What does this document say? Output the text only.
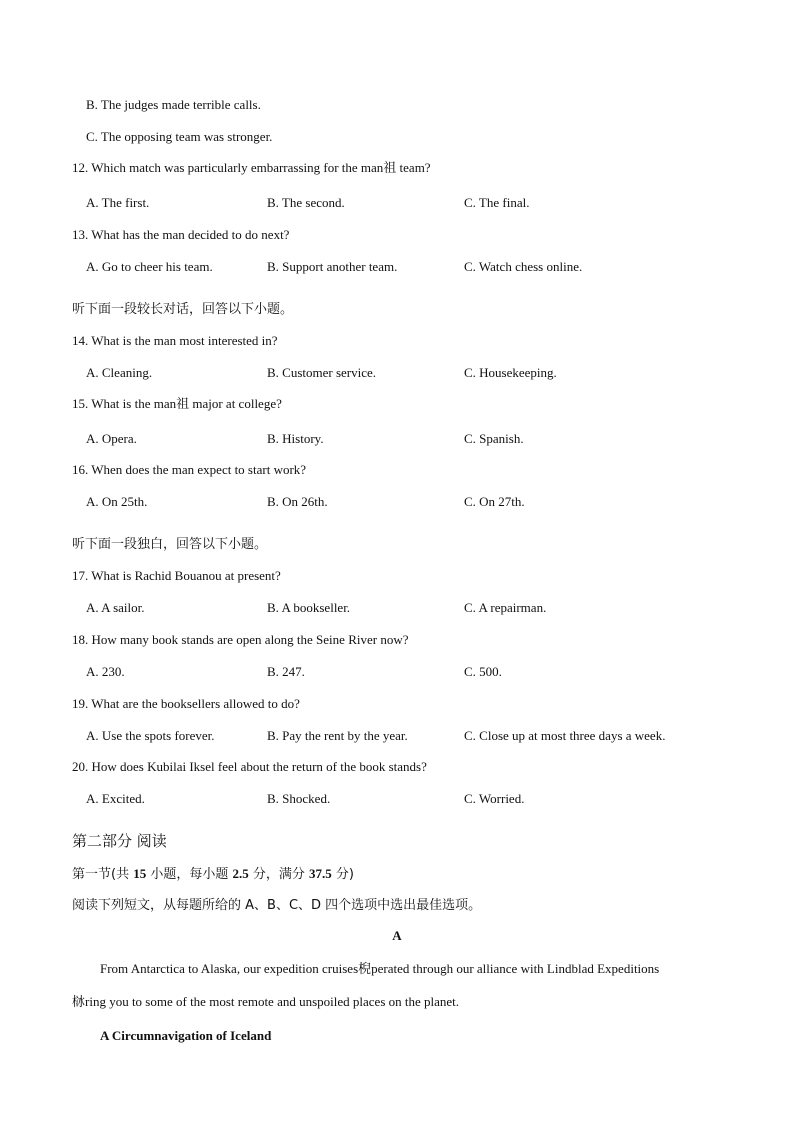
B. The judges made terrible calls.
C. The opposing team was stronger.
12. Which match was particularly embarrassing for the man祖 team?
A. The first.	B. The second.	C. The final.
13. What has the man decided to do next?
A. Go to cheer his team.	B. Support another team.	C. Watch chess online.
听下面一段较长对话，回答以下小题。
14. What is the man most interested in?
A. Cleaning.	B. Customer service.	C. Housekeeping.
15. What is the man祖 major at college?
A. Opera.	B. History.	C. Spanish.
16. When does the man expect to start work?
A. On 25th.	B. On 26th.	C. On 27th.
听下面一段独白，回答以下小题。
17. What is Rachid Bouanou at present?
A. A sailor.	B. A bookseller.	C. A repairman.
18. How many book stands are open along the Seine River now?
A. 230.	B. 247.	C. 500.
19. What are the booksellers allowed to do?
A. Use the spots forever.	B. Pay the rent by the year.	C. Close up at most three days a week.
20. How does Kubilai Iksel feel about the return of the book stands?
A. Excited.	B. Shocked.	C. Worried.
第二部分 阅读
第一节(共 15 小题，每小题 2.5 分，满分 37.5 分)
阅读下列短文，从每题所给的 A、B、C、D 四个选项中选出最佳选项。
A
From Antarctica to Alaska, our expedition cruises棿perated through our alliance with Lindblad Expeditions
栤ring you to some of the most remote and unspoiled places on the planet.
A Circumnavigation of Iceland
